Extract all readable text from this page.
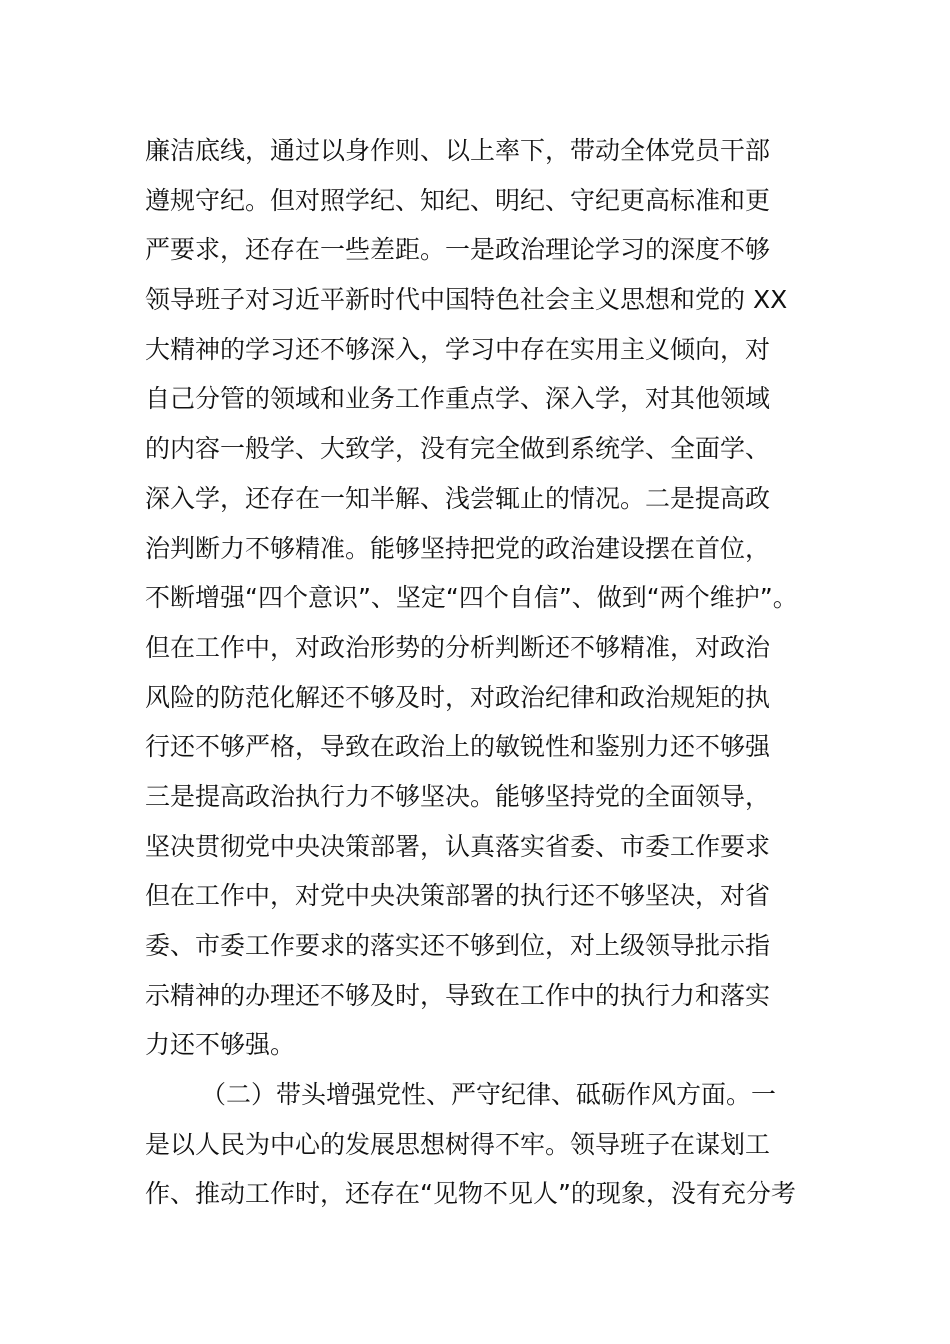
廉洁底线，通过以身作则、以上率下，带动全体党员干部
遵规守纪。但对照学纪、知纪、明纪、守纪更高标准和更
严要求，还存在一些差距。一是政治理论学习的深度不够
领导班子对习近平新时代中国特色社会主义思想和党的 XX
大精神的学习还不够深入，学习中存在实用主义倾向，对
自己分管的领域和业务工作重点学、深入学，对其他领域
的内容一般学、大致学，没有完全做到系统学、全面学、
深入学，还存在一知半解、浅尝辄止的情况。二是提高政
治判断力不够精准。能够坚持把党的政治建设摆在首位，
不断增强“四个意识”、坚定“四个自信”、做到“两个维护”。
但在工作中，对政治形势的分析判断还不够精准，对政治
风险的防范化解还不够及时，对政治纪律和政治规矩的执
行还不够严格，导致在政治上的敏锐性和鉴别力还不够强
三是提高政治执行力不够坚决。能够坚持党的全面领导，
坚决贯彻党中央决策部署，认真落实省委、市委工作要求
但在工作中，对党中央决策部署的执行还不够坚决，对省
委、市委工作要求的落实还不够到位，对上级领导批示指
示精神的办理还不够及时，导致在工作中的执行力和落实
力还不够强。
（二）带头增强党性、严守纪律、砥砺作风方面。一
是以人民为中心的发展思想树得不牢。领导班子在谋划工
作、推动工作时，还存在“见物不见人”的现象，没有充分考
